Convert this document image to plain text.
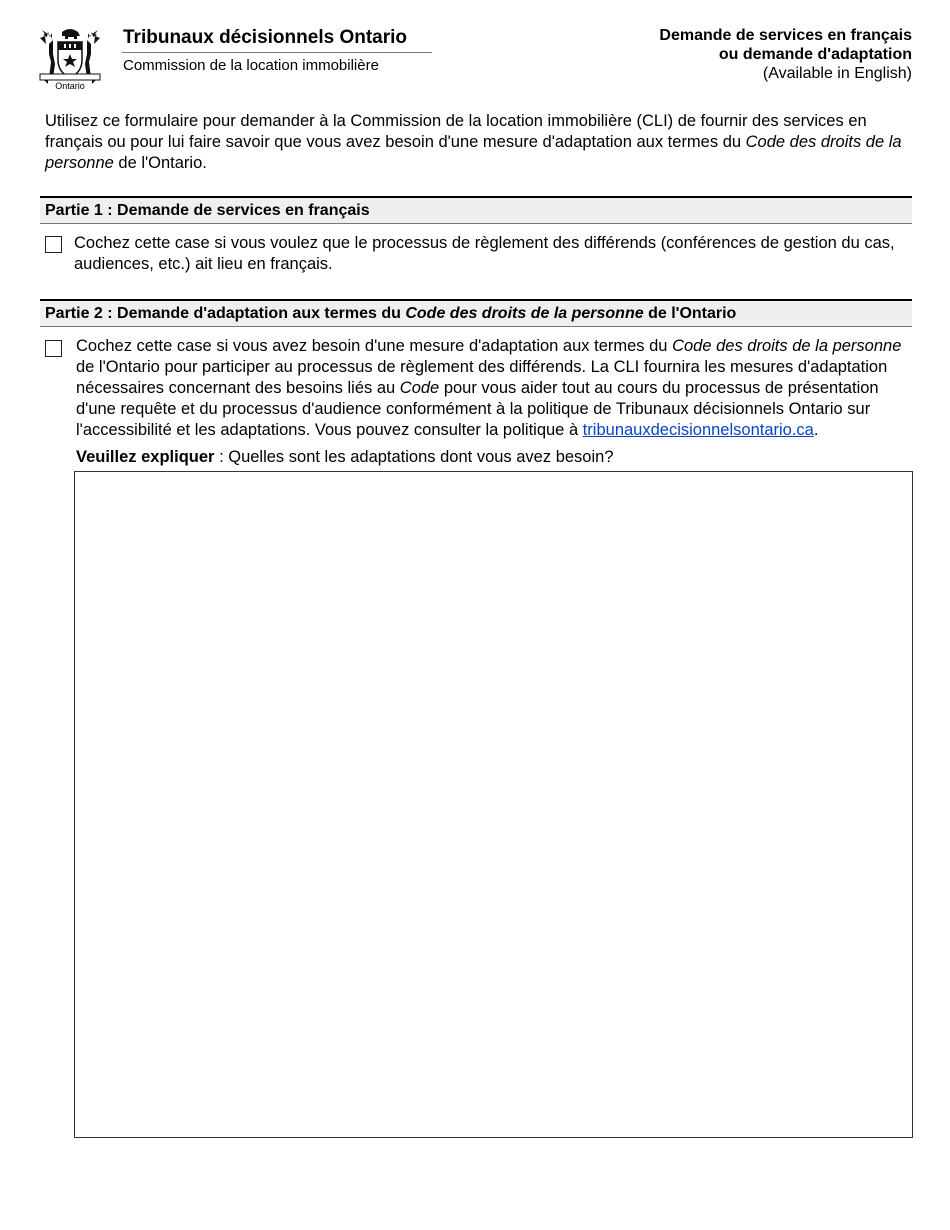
Ontario
Tribunaux décisionnels Ontario
Commission de la location immobilière
Demande de services en français
ou demande d'adaptation
(Available in English)
Utilisez ce formulaire pour demander à la Commission de la location immobilière (CLI) de fournir des services en français ou pour lui faire savoir que vous avez besoin d'une mesure d'adaptation aux termes du Code des droits de la personne de l'Ontario.
Partie 1 : Demande de services en français
Cochez cette case si vous voulez que le processus de règlement des différends (conférences de gestion du cas, audiences, etc.) ait lieu en français.
Partie 2 : Demande d'adaptation aux termes du Code des droits de la personne de l'Ontario
Cochez cette case si vous avez besoin d'une mesure d'adaptation aux termes du Code des droits de la personne de l'Ontario pour participer au processus de règlement des différends. La CLI fournira les mesures d'adaptation nécessaires concernant des besoins liés au Code pour vous aider tout au cours du processus de présentation d'une requête et du processus d'audience conformément à la politique de Tribunaux décisionnels Ontario sur l'accessibilité et les adaptations. Vous pouvez consulter la politique à tribunauxdecisionnelsontario.ca.
Veuillez expliquer : Quelles sont les adaptations dont vous avez besoin?
